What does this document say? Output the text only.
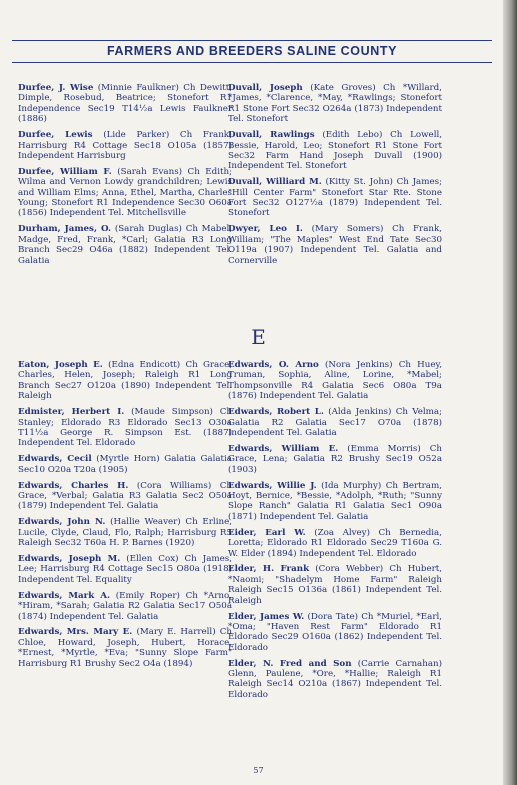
FARMERS AND BREEDERS SALINE COUNTY

Durfee, J. Wise (Minnie Faulkner) Ch Dewitt, Dimple, Rosebud, Beatrice; Stonefort R1 Independence Sec19 T14½a Lewis Faulkner (1886)

Durfee, Lewis (Lide Parker) Ch Frank; Harrisburg R4 Cottage Sec18 O105a (1857) Independent Harrisburg

Durfee, William F. (Sarah Evans) Ch Edith; Wilma and Vernon Lowdy grandchildren; Lewis and William Elms; Anna, Ethel, Martha, Charles Young; Stonefort R1 Independence Sec30 O60a (1856) Independent Tel. Mitchellsville

Durham, James, O. (Sarah Duglas) Ch Mabel, Madge, Fred, Frank, *Carl; Galatia R3 Long Branch Sec29 O46a (1882) Independent Tel. Galatia

Duvall, Joseph (Kate Groves) Ch *Willard, *James, *Clarence, *May, *Rawlings; Stonefort R1 Stone Fort Sec32 O264a (1873) Independent Tel. Stonefort

Duvall, Rawlings (Edith Lebo) Ch Lowell, Bessie, Harold, Leo; Stonefort R1 Stone Fort Sec32 Farm Hand Joseph Duvall (1900) Independent Tel. Stonefort

Duvall, Williard M. (Kitty St. John) Ch James; "Hill Center Farm" Stonefort Star Rte. Stone Fort Sec32 O127½a (1879) Independent Tel. Stonefort

Dwyer, Leo I. (Mary Somers) Ch Frank, William; "The Maples" West End Tate Sec30 O119a (1907) Independent Tel. Galatia and Cornerville

E

Eaton, Joseph E. (Edna Endicott) Ch Grace, Charles, Helen, Joseph; Raleigh R1 Long Branch Sec27 O120a (1890) Independent Tel. Raleigh

Edmister, Herbert I. (Maude Simpson) Ch Stanley; Eldorado R3 Eldorado Sec13 O30a T11½a George R. Simpson Est. (1887) Independent Tel. Eldorado

Edwards, Cecil (Myrtle Horn) Galatia Galatia Sec10 O20a T20a (1905)

Edwards, Charles H. (Cora Williams) Ch Grace, *Verbal; Galatia R3 Galatia Sec2 O50a (1879) Independent Tel. Galatia

Edwards, John N. (Hallie Weaver) Ch Erline, Lucile, Clyde, Claud, Flo, Ralph; Harrisburg R5 Raleigh Sec32 T60a H. P. Barnes (1920)

Edwards, Joseph M. (Ellen Cox) Ch James, Lee; Harrisburg R4 Cottage Sec15 O80a (1918) Independent Tel. Equality

Edwards, Mark A. (Emily Roper) Ch *Arno, *Hiram, *Sarah; Galatia R2 Galatia Sec17 O50a (1874) Independent Tel. Galatia

Edwards, Mrs. Mary E. (Mary E. Harrell) Ch Chloe, Howard, Joseph, Hubert, Horace, *Ernest, *Myrtle, *Eva; "Sunny Slope Farm" Harrisburg R1 Brushy Sec2 O4a (1894)

Edwards, O. Arno (Nora Jenkins) Ch Huey, Truman, Sophia, Aline, Lorine, *Mabel; Thompsonville R4 Galatia Sec6 O80a T9a (1876) Independent Tel. Galatia

Edwards, Robert L. (Alda Jenkins) Ch Velma; Galatia R2 Galatia Sec17 O70a (1878) Independent Tel. Galatia

Edwards, William E. (Emma Morris) Ch Grace, Lena; Galatia R2 Brushy Sec19 O52a (1903)

Edwards, Willie J. (Ida Murphy) Ch Bertram, Hoyt, Bernice, *Bessie, *Adolph, *Ruth; "Sunny Slope Ranch" Galatia R1 Galatia Sec1 O90a (1871) Independent Tel. Galatia

Eider, Earl W. (Zoa Alvey) Ch Bernedia, Loretta; Eldorado R1 Eldorado Sec29 T160a G. W. Elder (1894) Independent Tel. Eldorado

Elder, H. Frank (Cora Webber) Ch Hubert, *Naomi; "Shadelym Home Farm" Raleigh Raleigh Sec15 O136a (1861) Independent Tel. Raleigh

Elder, James W. (Dora Tate) Ch *Muriel, *Earl, *Oma; "Haven Rest Farm" Eldorado R1 Eldorado Sec29 O160a (1862) Independent Tel. Eldorado

Elder, N. Fred and Son (Carrie Carnahan) Glenn, Paulene, *Ore, *Hallie; Raleigh R1 Raleigh Sec14 O210a (1867) Independent Tel. Eldorado

57
